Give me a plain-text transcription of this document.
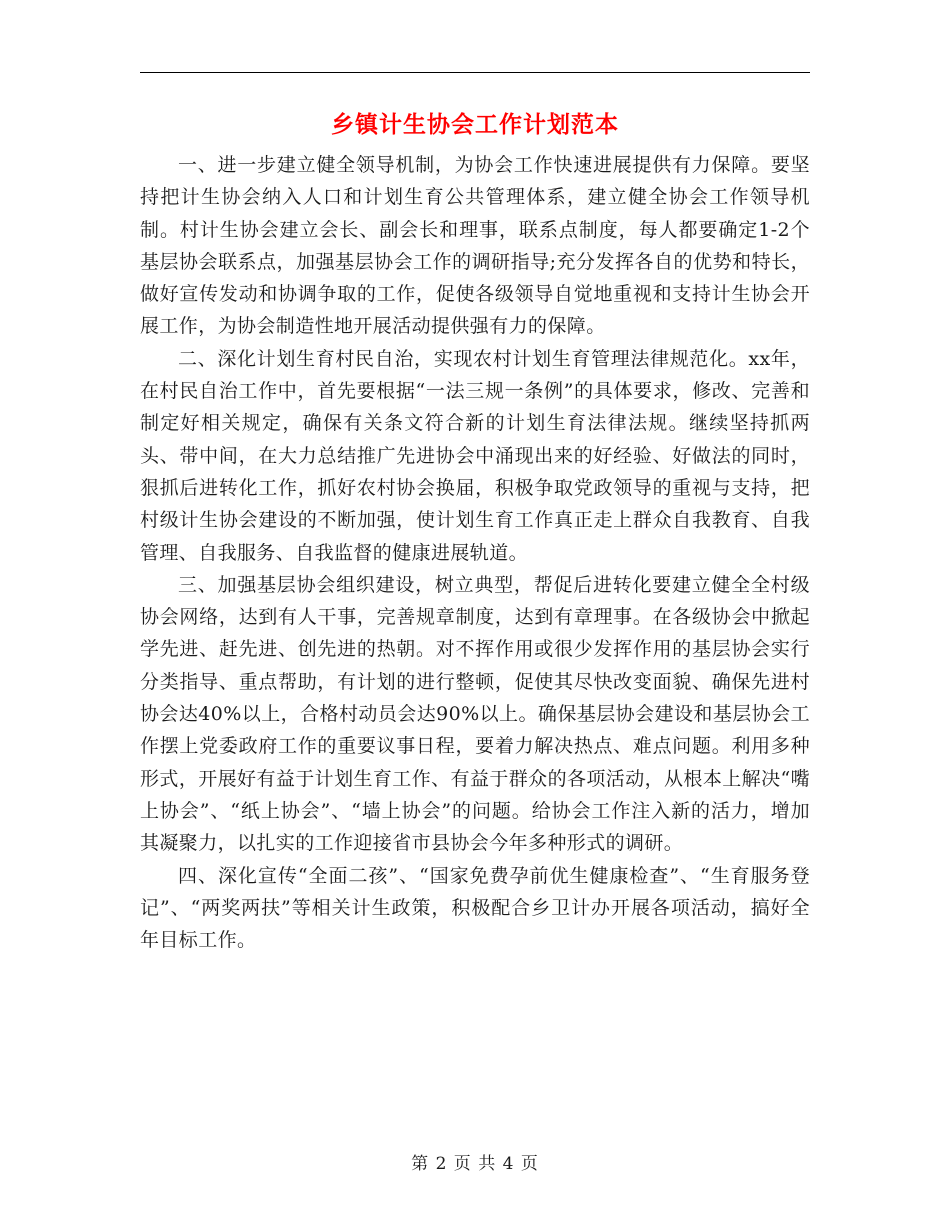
乡镇计生协会工作计划范本

一、进一步建立健全领导机制，为协会工作快速进展提供有力保障。要坚持把计生协会纳入人口和计划生育公共管理体系，建立健全协会工作领导机制。村计生协会建立会长、副会长和理事，联系点制度，每人都要确定1-2个基层协会联系点，加强基层协会工作的调研指导;充分发挥各自的优势和特长，做好宣传发动和协调争取的工作，促使各级领导自觉地重视和支持计生协会开展工作，为协会制造性地开展活动提供强有力的保障。

二、深化计划生育村民自治，实现农村计划生育管理法律规范化。xx年，在村民自治工作中，首先要根据“一法三规一条例”的具体要求，修改、完善和制定好相关规定，确保有关条文符合新的计划生育法律法规。继续坚持抓两头、带中间，在大力总结推广先进协会中涌现出来的好经验、好做法的同时，狠抓后进转化工作，抓好农村协会换届，积极争取党政领导的重视与支持，把村级计生协会建设的不断加强，使计划生育工作真正走上群众自我教育、自我管理、自我服务、自我监督的健康进展轨道。

三、加强基层协会组织建设，树立典型，帮促后进转化要建立健全全村级协会网络，达到有人干事，完善规章制度，达到有章理事。在各级协会中掀起学先进、赶先进、创先进的热朝。对不挥作用或很少发挥作用的基层协会实行分类指导、重点帮助，有计划的进行整顿，促使其尽快改变面貌、确保先进村协会达40%以上，合格村动员会达90%以上。确保基层协会建设和基层协会工作摆上党委政府工作的重要议事日程，要着力解决热点、难点问题。利用多种形式，开展好有益于计划生育工作、有益于群众的各项活动，从根本上解决“嘴上协会”、“纸上协会”、“墙上协会”的问题。给协会工作注入新的活力，增加其凝聚力，以扎实的工作迎接省市县协会今年多种形式的调研。

四、深化宣传“全面二孩”、“国家免费孕前优生健康检查”、“生育服务登记”、“两奖两扶”等相关计生政策，积极配合乡卫计办开展各项活动，搞好全年目标工作。

第 2 页 共 4 页
